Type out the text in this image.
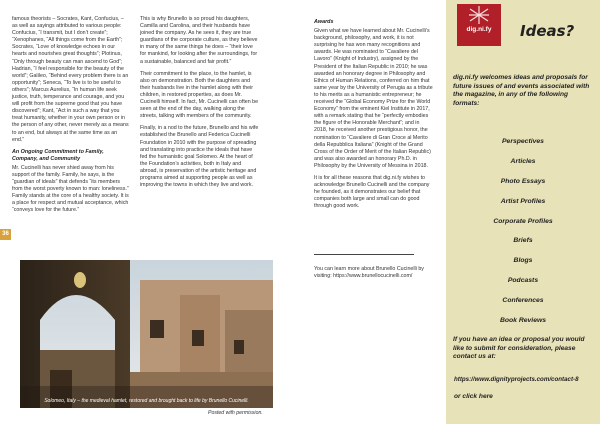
famous theorists – Socrates, Kant, Confucius, – as well as sayings attributed to various people: Confucius, “I transmit, but I don’t create”; “Xenophanes, “All things come from the Earth”; Socrates, “Love of knowledge echoes in our hearts and nourishes great thoughts”; Plotinus, “Only through beauty can man ascend to God”; Hadrian, “I feel responsible for the beauty of the world”; Galileo, “Behind every problem there is an opportunity”; Seneca, “To live is to be useful to others”; Marcus Aurelius, “In human life seek justice, truth, temperance and courage, and you will profit from the supreme good that you have discovered”; Kant, “Act in such a way that you treat humanity, whether in your own person or in the person of any other, never merely as a means to an end, but always at the same time as an end.”

An Ongoing Commitment to Family, Company, and Community

Mr. Cucinelli has never shied away from his support of the family. Family, he says, is the “guardian of ideals” that defends “its members from the worst poverty known to man: loneliness.” Family stands at the core of a healthy society. It is a place for respect and mutual acceptance, which “conveys love for the future.”

36

This is why Brunello is so proud his daughters, Camilla and Carolina, and their husbands have joined the company. As he sees it, they are true guardians of the corporate culture, as they believe in many of the same things he does – “their love for mankind, for looking after the surroundings, for a sustainable, balanced and fair profit.”

Their commitment to the place, to the hamlet, is also on demonstration. Both the daughters and their husbands live in the hamlet along with their children, in restored properties, as does Mr. Cucinelli himself. In fact, Mr. Cucinelli can often be seen at the end of the day, walking along the streets, talking with members of the community.

Finally, in a nod to the future, Brunello and his wife established the Brunello and Federica Cucinelli Foundation in 2010 with the purpose of spreading and translating into practice the ideals that have fed the humanistic goal Solomeo. At the heart of the Foundation’s activities, both in Italy and abroad, is preservation of the artistic heritage and programs aimed at supporting people as well as improving the towns in which they live and work.

Awards

Given what we have learned about Mr. Cucinelli’s background, philosophy, and work, it is not surprising he has won many recognitions and awards. He was nominated to “Cavaliere del Lavoro” (Knight of Industry), assigned by the President of the Italian Republic in 2010; he was awarded an honorary degree in Philosophy and Ethics of Human Relations, conferred on him that same year by the University of Perugia as a tribute to his merits as a humanistic entrepreneur; he received the “Global Economy Prize for the World Economy” from the eminent Kiel Institute in 2017, with a remark stating that he “perfectly embodies the figure of the Honorable Merchant”; and in 2018, he received another prestigious honor, the nomination to “Cavaliere di Gran Croce al Merito della Repubblica Italiana” (Knight of the Grand Cross of the Order of Merit of the Italian Republic) and was also awarded an honorary Ph.D. in Philosophy by the University of Messina in 2018.

It is for all these reasons that dig.ni.fy wishes to acknowledge Brunello Cucinelli and the company he founded, as it demonstrates our belief that companies both large and small can do good through good work.

You can learn more about Brunello Cucinelli by visiting: https://www.brunellocucinelli.com/

Solomeo, Italy – the medieval hamlet, restored and brought back to life by Brunello Cucinelli.
Posted with permission.
dig.ni.fy	Ideas?
dig.ni.fy welcomes ideas and proposals for future issues of and events associated with the magazine, in any of the following formats:
Perspectives
Articles
Photo Essays
Artist Profiles
Corporate Profiles
Briefs
Blogs
Podcasts
Conferences
Book Reviews
If you have an idea or proposal you would like to submit for consideration, please contact us at:
https://www.dignityprojects.com/contact-8
or click here
